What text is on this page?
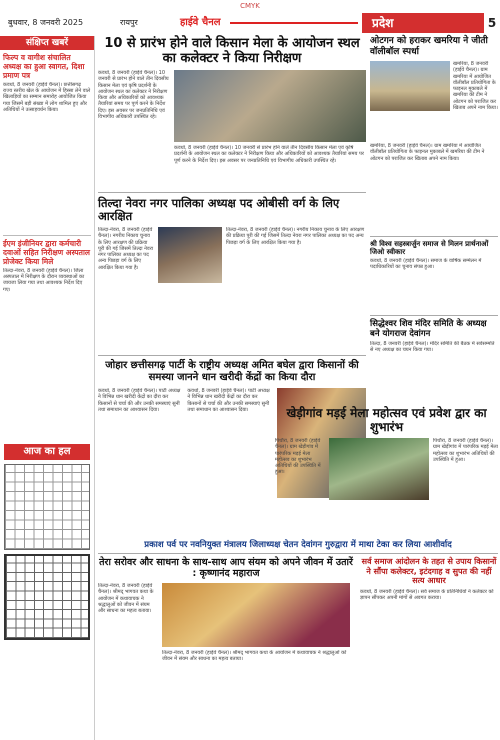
CMYK
बुधवार, 8 जनवरी 2025	रायपुर	हाईवे चैनल	प्रदेश	5
संक्षिप्त खबरें
फिल्प व वागीश संचालित अध्यक्ष का हुआ स्वागत, दिशा प्रमाण पत्र
कवर्धा, 8 जनवरी (हाईवे चैनल)। छत्तीसगढ़ राज्य स्तरीय खेल के आयोजन में हिस्सा लेने वाले खिलाड़ियों का सम्मान समारोह आयोजित किया गया जिसमें बड़ी संख्या में लोग शामिल हुए और अतिथियों ने उत्साहवर्धन किया।
ईएम इंजीनियर द्वारा कर्मचारी दवाओं सहित निरीक्षण अस्पताल प्रोजेक्ट किया मिले
तिल्दा-नेवरा, 8 जनवरी (हाईवे चैनल)। जिला अस्पताल में निरीक्षण के दौरान व्यवस्थाओं का जायजा लिया गया तथा आवश्यक निर्देश दिए गए।
आज का हल
10 से प्रारंभ होने वाले किसान मेला के आयोजन स्थल का कलेक्टर ने किया निरीक्षण
कवर्धा, 8 जनवरी (हाईवे चैनल)। 10 जनवरी से प्रारंभ होने वाले तीन दिवसीय किसान मेला एवं कृषि प्रदर्शनी के आयोजन स्थल का कलेक्टर ने निरीक्षण किया और अधिकारियों को आवश्यक तैयारियां समय पर पूर्ण करने के निर्देश दिए। इस अवसर पर जनप्रतिनिधि एवं विभागीय अधिकारी उपस्थित रहे।
कवर्धा, 8 जनवरी (हाईवे चैनल)। 10 जनवरी से प्रारंभ होने वाले तीन दिवसीय किसान मेला एवं कृषि प्रदर्शनी के आयोजन स्थल का कलेक्टर ने निरीक्षण किया और अधिकारियों को आवश्यक तैयारियां समय पर पूर्ण करने के निर्देश दिए। इस अवसर पर जनप्रतिनिधि एवं विभागीय अधिकारी उपस्थित रहे।
तिल्दा नेवरा नगर पालिका अध्यक्ष पद ओबीसी वर्ग के लिए आरक्षित
तिल्दा-नेवरा, 8 जनवरी (हाईवे चैनल)। नगरीय निकाय चुनाव के लिए आरक्षण की प्रक्रिया पूरी की गई जिसमें तिल्दा नेवरा नगर पालिका अध्यक्ष का पद अन्य पिछड़ा वर्ग के लिए आरक्षित किया गया है।
तिल्दा-नेवरा, 8 जनवरी (हाईवे चैनल)। नगरीय निकाय चुनाव के लिए आरक्षण की प्रक्रिया पूरी की गई जिसमें तिल्दा नेवरा नगर पालिका अध्यक्ष का पद अन्य पिछड़ा वर्ग के लिए आरक्षित किया गया है।
जोहार छत्तीसगढ़ पार्टी के राष्ट्रीय अध्यक्ष अमित बघेल द्वारा किसानों की समस्या जानने धान खरीदी केंद्रों का किया दौरा
कवर्धा, 8 जनवरी (हाईवे चैनल)। पार्टी अध्यक्ष ने विभिन्न धान खरीदी केंद्रों का दौरा कर किसानों से चर्चा की और उनकी समस्याएं सुनीं तथा समाधान का आश्वासन दिया।
कवर्धा, 8 जनवरी (हाईवे चैनल)। पार्टी अध्यक्ष ने विभिन्न धान खरीदी केंद्रों का दौरा कर किसानों से चर्चा की और उनकी समस्याएं सुनीं तथा समाधान का आश्वासन दिया।
ओटगन को हराकर खमरिया ने जीती वॉलीबॉल स्पर्धा
खमरिया, 8 जनवरी (हाईवे चैनल)। ग्राम खमरिया में आयोजित वॉलीबॉल प्रतियोगिता के फाइनल मुकाबले में खमरिया की टीम ने ओटगन को पराजित कर खिताब अपने नाम किया।
खमरिया, 8 जनवरी (हाईवे चैनल)। ग्राम खमरिया में आयोजित वॉलीबॉल प्रतियोगिता के फाइनल मुकाबले में खमरिया की टीम ने ओटगन को पराजित कर खिताब अपने नाम किया।
श्री विश्व सहस्त्रार्जुन समाज से मिलन प्रार्थनाओं जिओ स्वीकार
कवर्धा, 8 जनवरी (हाईवे चैनल)। समाज के वार्षिक सम्मेलन में पदाधिकारियों का चुनाव संपन्न हुआ।
सिद्धेश्वर शिव मंदिर समिति के अध्यक्ष बने योगराज देवांगन
तिल्दा, 8 जनवरी (हाईवे चैनल)। मंदिर समिति की बैठक में सर्वसम्मति से नए अध्यक्ष का चयन किया गया।
खेड़ीगांव मड़ई मेला महोत्सव एवं प्रवेश द्वार का शुभारंभ
पिथौरा, 8 जनवरी (हाईवे चैनल)। ग्राम खेड़ीगांव में पारंपरिक मड़ई मेला महोत्सव का शुभारंभ अतिथियों की उपस्थिति में हुआ।
पिथौरा, 8 जनवरी (हाईवे चैनल)। ग्राम खेड़ीगांव में पारंपरिक मड़ई मेला महोत्सव का शुभारंभ अतिथियों की उपस्थिति में हुआ।
प्रकाश पर्व पर नवनियुक्त मंत्रालय जिलाध्यक्ष चेतन देवांगन गुरुद्वारा में माथा टेका कर लिया आशीर्वाद
तेरा सरोवर और साधना के साथ-साथ आप संयम को अपने जीवन में उतारें : कृष्णानंद महाराज
तिल्दा-नेवरा, 8 जनवरी (हाईवे चैनल)। श्रीमद् भागवत कथा के आयोजन में कथावाचक ने श्रद्धालुओं को जीवन में संयम और साधना का महत्व बताया।
तिल्दा-नेवरा, 8 जनवरी (हाईवे चैनल)। श्रीमद् भागवत कथा के आयोजन में कथावाचक ने श्रद्धालुओं को जीवन में संयम और साधना का महत्व बताया।
सर्व समाज आंदोलन के तहत से उपाय किसानों ने सौंपा कलेक्टर, इटंदगाह व सुपत की नहीं सत्य आधार
कवर्धा, 8 जनवरी (हाईवे चैनल)। सर्व समाज के प्रतिनिधियों ने कलेक्टर को ज्ञापन सौंपकर अपनी मांगों से अवगत कराया।
